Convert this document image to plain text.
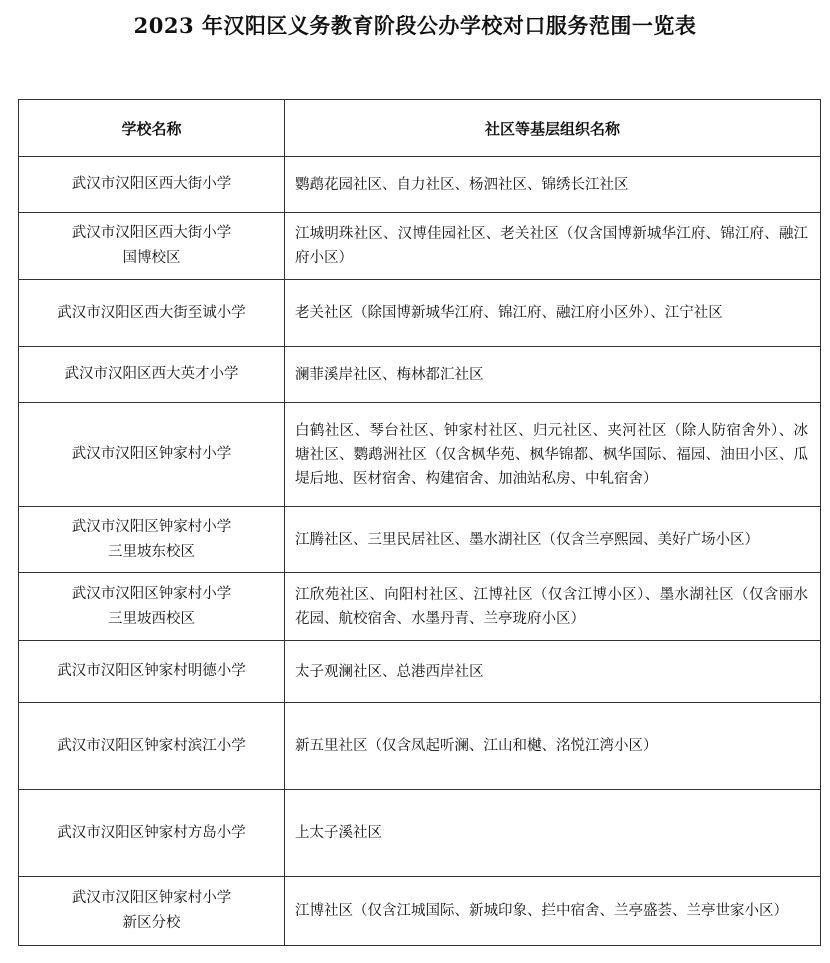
2023 年汉阳区义务教育阶段公办学校对口服务范围一览表
学校名称	社区等基层组织名称

武汉市汉阳区西大街小学	鹦鹉花园社区、自力社区、杨泗社区、锦绣长江社区

武汉市汉阳区西大街小学
国博校区	江城明珠社区、汉博佳园社区、老关社区（仅含国博新城华江府、锦江府、融江府小区）

武汉市汉阳区西大街至诚小学	老关社区（除国博新城华江府、锦江府、融江府小区外）、江宁社区

武汉市汉阳区西大英才小学	澜菲溪岸社区、梅林都汇社区

武汉市汉阳区钟家村小学	白鹤社区、琴台社区、钟家村社区、归元社区、夹河社区（除人防宿舍外）、冰塘社区、鹦鹉洲社区（仅含枫华苑、枫华锦都、枫华国际、福园、油田小区、瓜堤后地、医材宿舍、构建宿舍、加油站私房、中轧宿舍）

武汉市汉阳区钟家村小学
三里坡东校区	江腾社区、三里民居社区、墨水湖社区（仅含兰亭熙园、美好广场小区）

武汉市汉阳区钟家村小学
三里坡西校区	江欣苑社区、向阳村社区、江博社区（仅含江博小区）、墨水湖社区（仅含丽水花园、航校宿舍、水墨丹青、兰亭珑府小区）

武汉市汉阳区钟家村明德小学	太子观澜社区、总港西岸社区

武汉市汉阳区钟家村滨江小学	新五里社区（仅含凤起听澜、江山和樾、洺悦江湾小区）

武汉市汉阳区钟家村方岛小学	上太子溪社区

武汉市汉阳区钟家村小学
新区分校	江博社区（仅含江城国际、新城印象、拦中宿舍、兰亭盛荟、兰亭世家小区）
